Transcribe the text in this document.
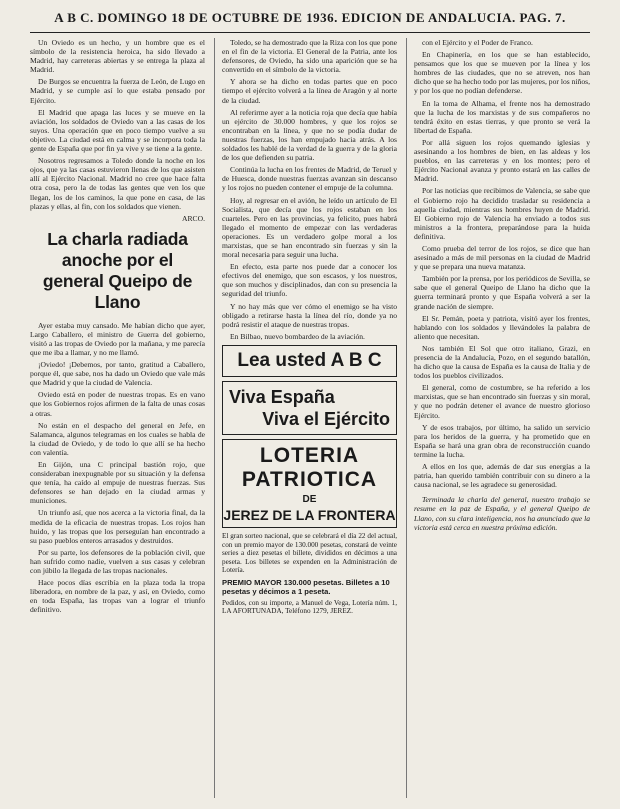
A B C. DOMINGO 18 DE OCTUBRE DE 1936. EDICION DE ANDALUCIA. PAG. 7.

Un Oviedo es un hecho, y un hombre que es el símbolo de la resistencia heroica, ha sido llevado a Madrid, hay carreteras abiertas y se entrega la plaza al Madrid.

De Burgos se encuentra la fuerza de León, de Lugo en Madrid, y se cumple así lo que estaba pensado por Ejército.

El Madrid que apaga las luces y se mueve en la aviación, los soldados de Oviedo van a las casas de los suyos. Una operación que en poco tiempo vuelve a su objetivo. La ciudad está en calma y se incorpora toda la gente de España que por fin ya vive y se tiene a la gente.

Nosotros regresamos a Toledo donde la noche en los ojos, que ya las casas estuvieron llenas de los que asisten allí al Ejército Nacional. Madrid no cree que hace falta otra cosa, pero la de todas las gentes que ven los que llegan, los de los caminos, la que pone en casa, de las plazas y ellas, al fin, con los soldados que vienen.

ARCO.

La charla radiada anoche por el general Queipo de Llano

Ayer estaba muy cansado. Me habían dicho que ayer, Largo Caballero, el ministro de Guerra del gobierno, visitó a las tropas de Oviedo por la mañana, y me parecía que me iba a llamar, y no me llamó.

¡Oviedo! ¡Debemos, por tanto, gratitud a Caballero, porque él, que sabe, nos ha dado un Oviedo que vale más que Madrid y que la ciudad de Valencia.

Oviedo está en poder de nuestras tropas. Es en vano que los Gobiernos rojos afirmen de la falta de unas cosas a otras.

No están en el despacho del general en Jefe, en Salamanca, algunos telegramas en los cuales se habla de la ciudad de Oviedo, y de todo lo que allí se ha hecho con valentía.

En Gijón, una C principal bastión rojo, que consideraban inexpugnable por su situación y la defensa que tenía, ha caído al empuje de nuestras fuerzas. Sus defensores se han dejado en la ciudad armas y municiones.

Un triunfo así, que nos acerca a la victoria final, da la medida de la eficacia de nuestras tropas. Los rojos han huido, y las tropas que los perseguían han encontrado a su paso pueblos enteros arrasados y destruidos.

Por su parte, los defensores de la población civil, que han sufrido como nadie, vuelven a sus casas y celebran con júbilo la llegada de las tropas nacionales.

Hace pocos días escribía en la plaza toda la tropa liberadora, en nombre de la paz, y así, en Oviedo, como en toda España, las tropas van a lograr el triunfo definitivo.

Toledo, se ha demostrado que la Riza con los que pone en el fin de la victoria. El General de la Patria, ante los defensores, de Oviedo, ha sido una aparición que se ha convertido en el símbolo de la victoria.

Y ahora se ha dicho en todas partes que en poco tiempo el ejército volverá a la línea de Aragón y al norte de la ciudad.

Al referirme ayer a la noticia roja que decía que había un ejército de 30.000 hombres, y que los rojos se encontraban en la línea, y que no se podía dudar de nuestras fuerzas, los han empujado hacia atrás. A los soldados les hablé de la verdad de la guerra y de la gloria de los que defienden su patria.

Continúa la lucha en los frentes de Madrid, de Teruel y de Huesca, donde nuestras fuerzas avanzan sin descanso y los rojos no pueden contener el empuje de la columna.

Hoy, al regresar en el avión, he leído un artículo de El Socialista, que decía que los rojos estaban en los cuarteles. Pero en las provincias, ya felicito, pues habrá llegado el momento de empezar con las verdaderas operaciones. Es un verdadero golpe moral a los marxistas, que se han encontrado sin fuerzas y sin la moral necesaria para seguir una lucha.

En efecto, esta parte nos puede dar a conocer los efectivos del enemigo, que son escasos, y los nuestros, que son muchos y disciplinados, dan con su presencia la seguridad del triunfo.

Y no hay más que ver cómo el enemigo se ha visto obligado a retirarse hasta la línea del río, donde ya no podrá resistir el ataque de nuestras tropas.

En Bilbao, nuevo bombardeo de la aviación.

Lea usted A B C
Viva España
Viva el Ejército
LOTERIA PATRIOTICA
DE
JEREZ DE LA FRONTERA

El gran sorteo nacional, que se celebrará el día 22 del actual, con un premio mayor de 130.000 pesetas, constará de veinte series a diez pesetas el billete, divididos en décimos a una peseta. Los billetes se expenden en la Administración de Lotería.

PREMIO MAYOR 130.000 pesetas. Billetes a 10 pesetas y décimos a 1 peseta.

Pedidos, con su importe, a Manuel de Vega, Lotería núm. 1, LA AFORTUNADA, Teléfono 1279, JEREZ.

con el Ejército y el Poder de Franco.

En Chapinería, en los que se han establecido, pensamos que los que se mueven por la línea y los hombres de las ciudades, que no se atreven, nos han dicho que se ha hecho todo por las mujeres, por los niños, y por los que no podían defenderse.

En la toma de Alhama, el frente nos ha demostrado que la lucha de los marxistas y de sus compañeros no tendrá éxito en estas tierras, y que pronto se verá la libertad de España.

Por allá siguen los rojos quemando iglesias y asesinando a los hombres de bien, en las aldeas y los pueblos, en las carreteras y en los montes; pero el Ejército Nacional avanza y pronto estará en las calles de Madrid.

Por las noticias que recibimos de Valencia, se sabe que el Gobierno rojo ha decidido trasladar su residencia a aquella ciudad, mientras sus hombres huyen de Madrid. El Gobierno rojo de Valencia ha enviado a todos sus ministros a la frontera, preparándose para la huida definitiva.

Como prueba del terror de los rojos, se dice que han asesinado a más de mil personas en la ciudad de Madrid y que se prepara una nueva matanza.

También por la prensa, por los periódicos de Sevilla, se sabe que el general Queipo de Llano ha dicho que la guerra terminará pronto y que España volverá a ser la grande nación de siempre.

El Sr. Pemán, poeta y patriota, visitó ayer los frentes, hablando con los soldados y llevándoles la palabra de aliento que necesitan.

Nos también El Sol que otro italiano, Grazi, en presencia de la Andalucía, Pozo, en el segundo batallón, ha dicho que la causa de España es la causa de Italia y de todos los pueblos civilizados.

El general, como de costumbre, se ha referido a los marxistas, que se han encontrado sin fuerzas y sin moral, y que no podrán detener el avance de nuestro glorioso Ejército.

Y de esos trabajos, por último, ha salido un servicio para los heridos de la guerra, y ha prometido que en España se hará una gran obra de reconstrucción cuando termine la lucha.

A ellos en los que, además de dar sus energías a la patria, han querido también contribuir con su dinero a la causa nacional, se les agradece su generosidad.

Terminada la charla del general, nuestro trabajo se resume en la paz de España, y el general Queipo de Llano, con su clara inteligencia, nos ha anunciado que la victoria está cerca en nuestra próxima edición.
